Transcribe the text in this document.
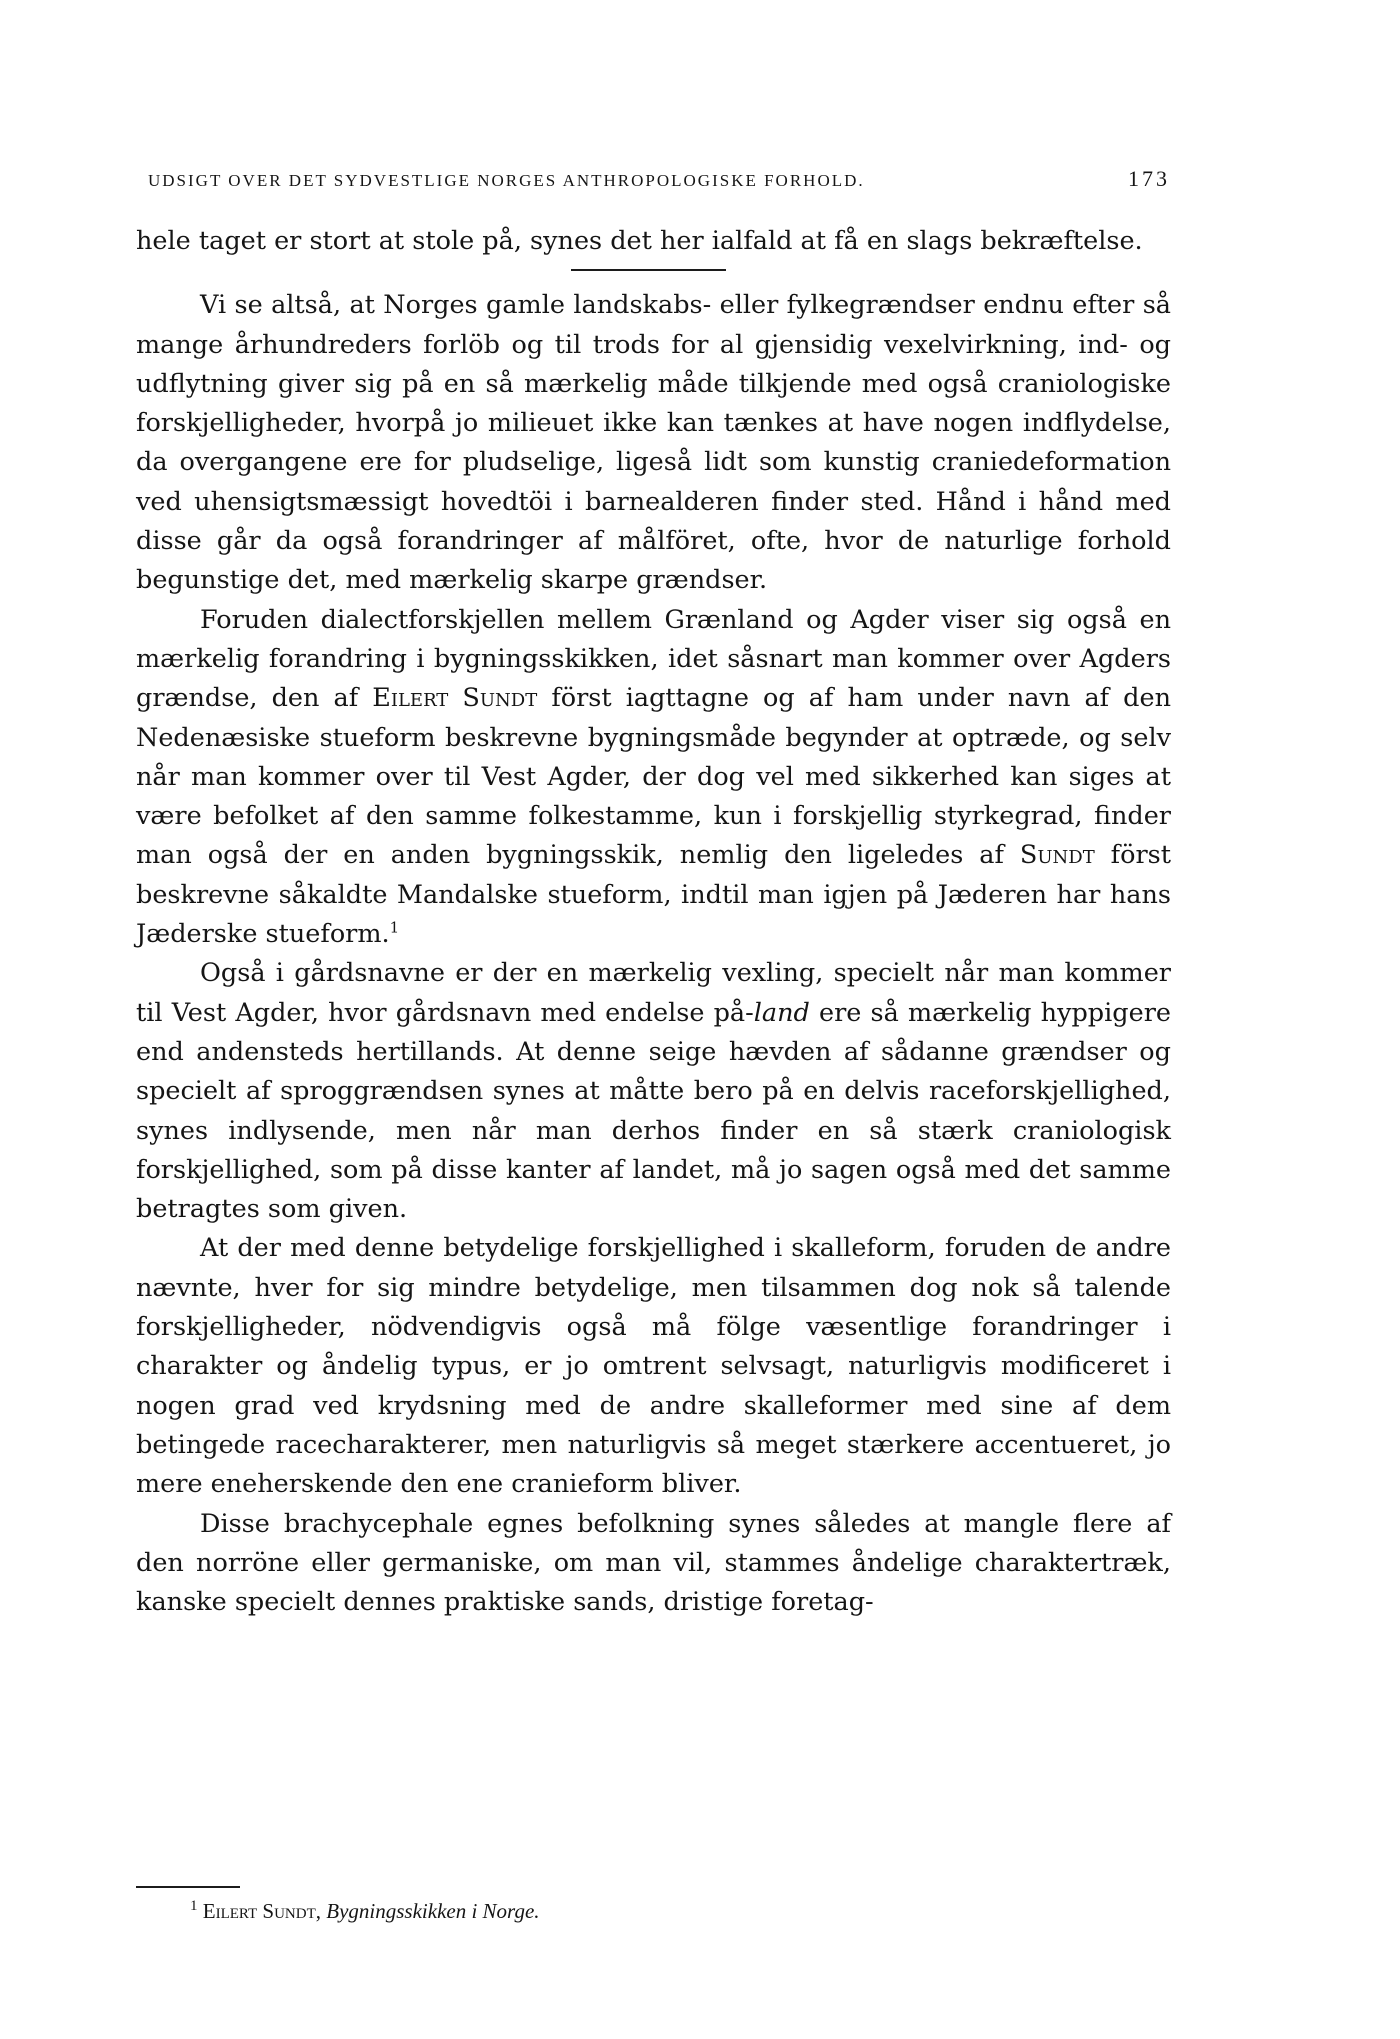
UDSIGT OVER DET SYDVESTLIGE NORGES ANTHROPOLOGISKE FORHOLD.	173

hele taget er stort at stole på, synes det her ialfald at få en slags bekræftelse.

Vi se altså, at Norges gamle landskabs- eller fylkegrændser endnu efter så mange århundreders forlöb og til trods for al gjensidig vexelvirkning, ind- og udflytning giver sig på en så mærkelig måde tilkjende med også craniologiske forskjelligheder, hvorpå jo milieuet ikke kan tænkes at have nogen indflydelse, da overgangene ere for pludselige, ligeså lidt som kunstig craniedeformation ved uhensigtsmæssigt hovedtöi i barnealderen finder sted. Hånd i hånd med disse går da også forandringer af målföret, ofte, hvor de naturlige forhold begunstige det, med mærkelig skarpe grændser.

Foruden dialectforskjellen mellem Grænland og Agder viser sig også en mærkelig forandring i bygningsskikken, idet såsnart man kommer over Agders grændse, den af Eilert Sundt först iagttagne og af ham under navn af den Nedenæsiske stueform beskrevne bygningsmåde begynder at optræde, og selv når man kommer over til Vest Agder, der dog vel med sikkerhed kan siges at være befolket af den samme folkestamme, kun i forskjellig styrkegrad, finder man også der en anden bygningsskik, nemlig den ligeledes af Sundt först beskrevne såkaldte Mandalske stueform, indtil man igjen på Jæderen har hans Jæderske stueform.$^1$

Også i gårdsnavne er der en mærkelig vexling, specielt når man kommer til Vest Agder, hvor gårdsnavn med endelse på-land ere så mærkelig hyppigere end andensteds hertillands. At denne seige hævden af sådanne grændser og specielt af sproggrændsen synes at måtte bero på en delvis raceforskjellighed, synes indlysende, men når man derhos finder en så stærk craniologisk forskjellighed, som på disse kanter af landet, må jo sagen også med det samme betragtes som given.

At der med denne betydelige forskjellighed i skalleform, foruden de andre nævnte, hver for sig mindre betydelige, men tilsammen dog nok så talende forskjelligheder, nödvendigvis også må fölge væsentlige forandringer i charakter og åndelig typus, er jo omtrent selvsagt, naturligvis modificeret i nogen grad ved krydsning med de andre skalleformer med sine af dem betingede racecharakterer, men naturligvis så meget stærkere accentueret, jo mere eneherskende den ene cranieform bliver.

Disse brachycephale egnes befolkning synes således at mangle flere af den norröne eller germaniske, om man vil, stammes åndelige charaktertræk, kanske specielt dennes praktiske sands, dristige foretag-

$^1$ Eilert Sundt, Bygningsskikken i Norge.
